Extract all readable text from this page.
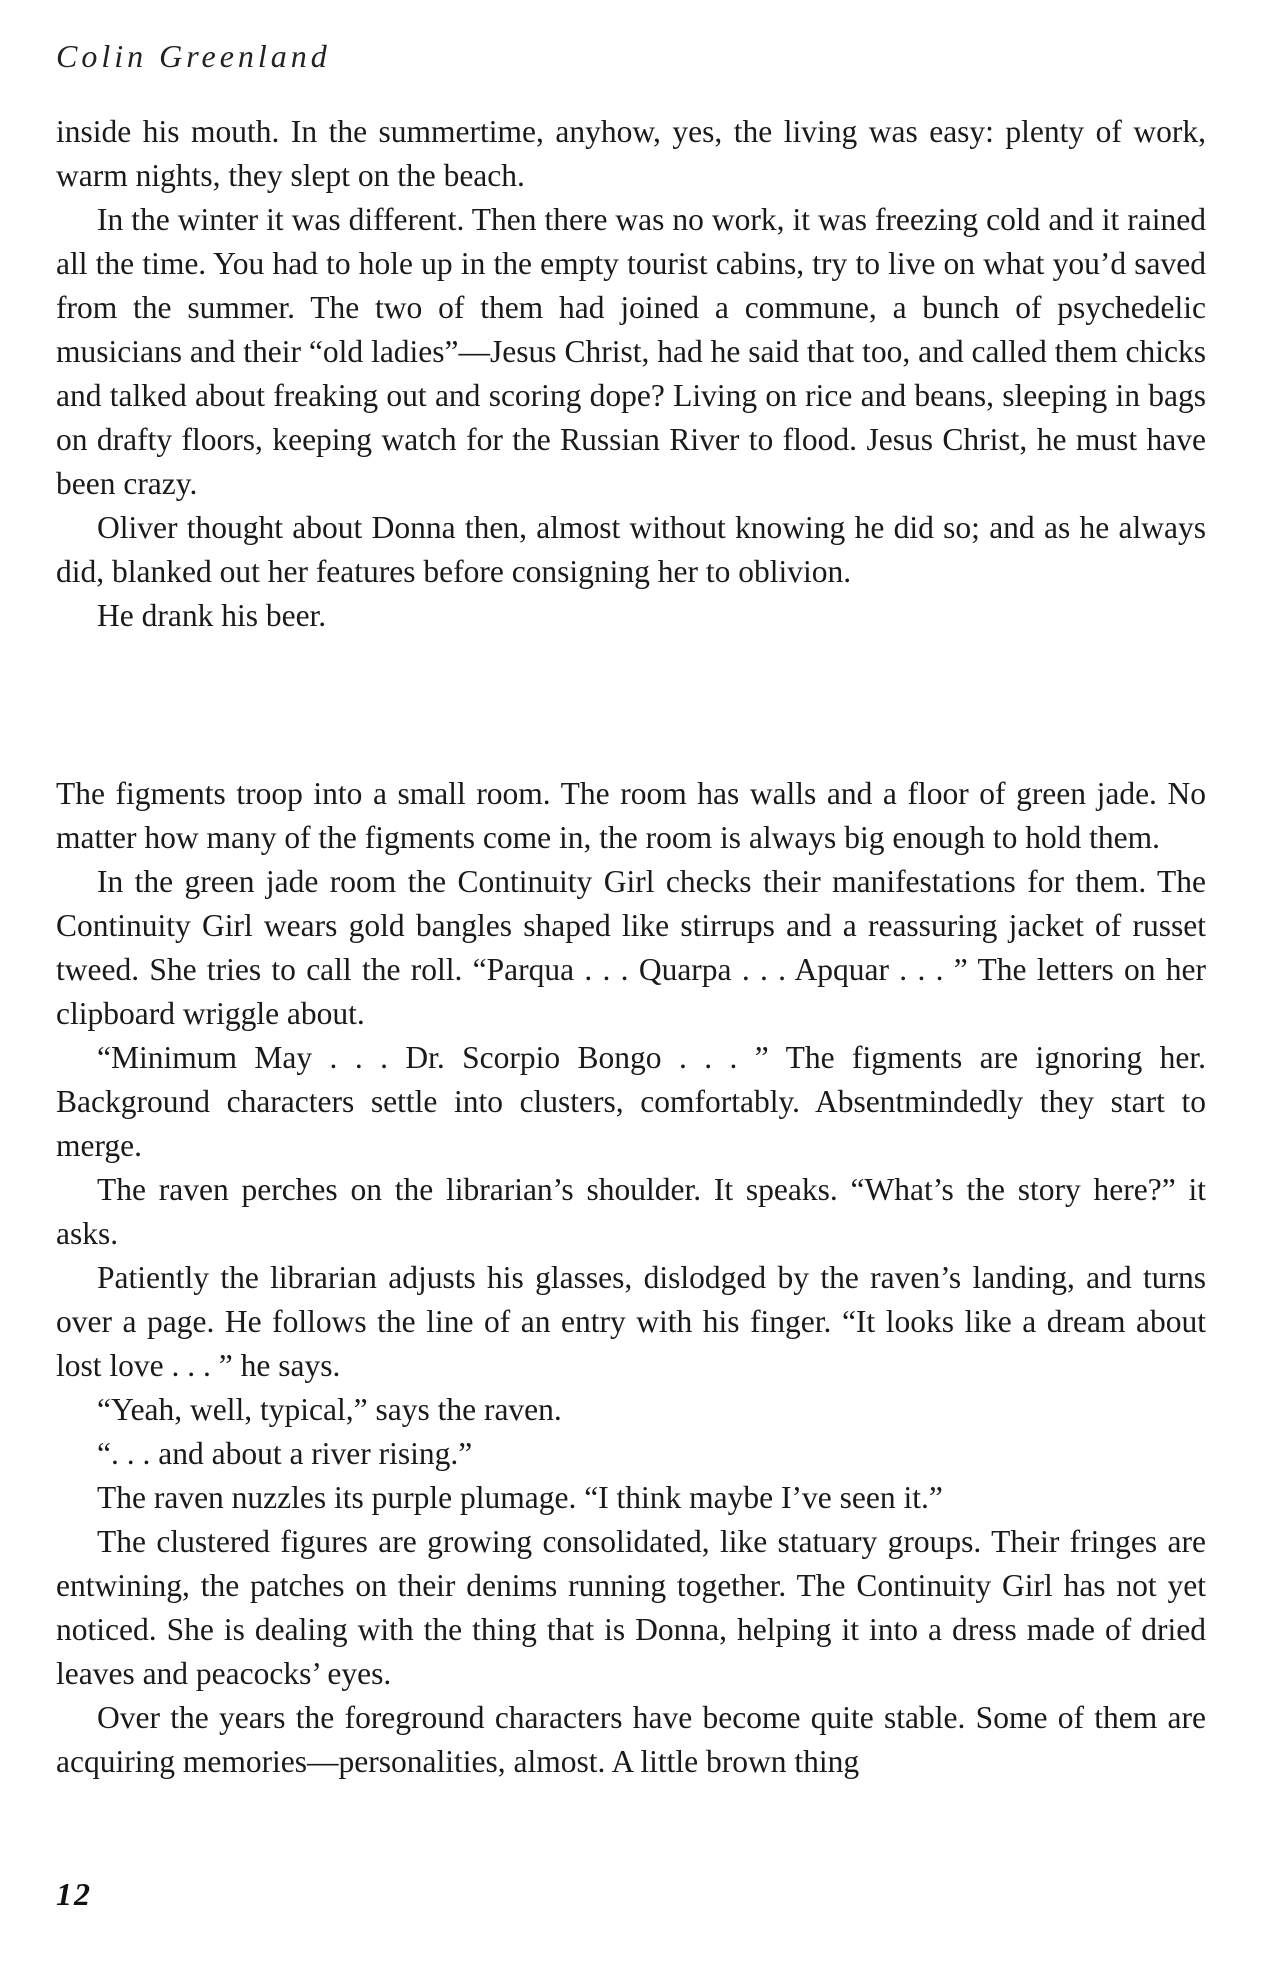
Colin Greenland

inside his mouth. In the summertime, anyhow, yes, the living was easy: plenty of work, warm nights, they slept on the beach.

In the winter it was different. Then there was no work, it was freezing cold and it rained all the time. You had to hole up in the empty tourist cabins, try to live on what you’d saved from the summer. The two of them had joined a commune, a bunch of psychedelic musicians and their “old ladies”—Jesus Christ, had he said that too, and called them chicks and talked about freaking out and scoring dope? Living on rice and beans, sleeping in bags on drafty floors, keeping watch for the Russian River to flood. Jesus Christ, he must have been crazy.

Oliver thought about Donna then, almost without knowing he did so; and as he always did, blanked out her features before consigning her to oblivion.

He drank his beer.

The figments troop into a small room. The room has walls and a floor of green jade. No matter how many of the figments come in, the room is always big enough to hold them.

In the green jade room the Continuity Girl checks their manifestations for them. The Continuity Girl wears gold bangles shaped like stirrups and a reassuring jacket of russet tweed. She tries to call the roll. “Parqua . . . Quarpa . . . Apquar . . . ” The letters on her clipboard wriggle about.

“Minimum May . . . Dr. Scorpio Bongo . . . ” The figments are ignoring her. Background characters settle into clusters, comfortably. Absentmindedly they start to merge.

The raven perches on the librarian’s shoulder. It speaks. “What’s the story here?” it asks.

Patiently the librarian adjusts his glasses, dislodged by the raven’s landing, and turns over a page. He follows the line of an entry with his finger. “It looks like a dream about lost love . . . ” he says.

“Yeah, well, typical,” says the raven.

“. . . and about a river rising.”

The raven nuzzles its purple plumage. “I think maybe I’ve seen it.”

The clustered figures are growing consolidated, like statuary groups. Their fringes are entwining, the patches on their denims running together. The Continuity Girl has not yet noticed. She is dealing with the thing that is Donna, helping it into a dress made of dried leaves and peacocks’ eyes.

Over the years the foreground characters have become quite stable. Some of them are acquiring memories—personalities, almost. A little brown thing

12
